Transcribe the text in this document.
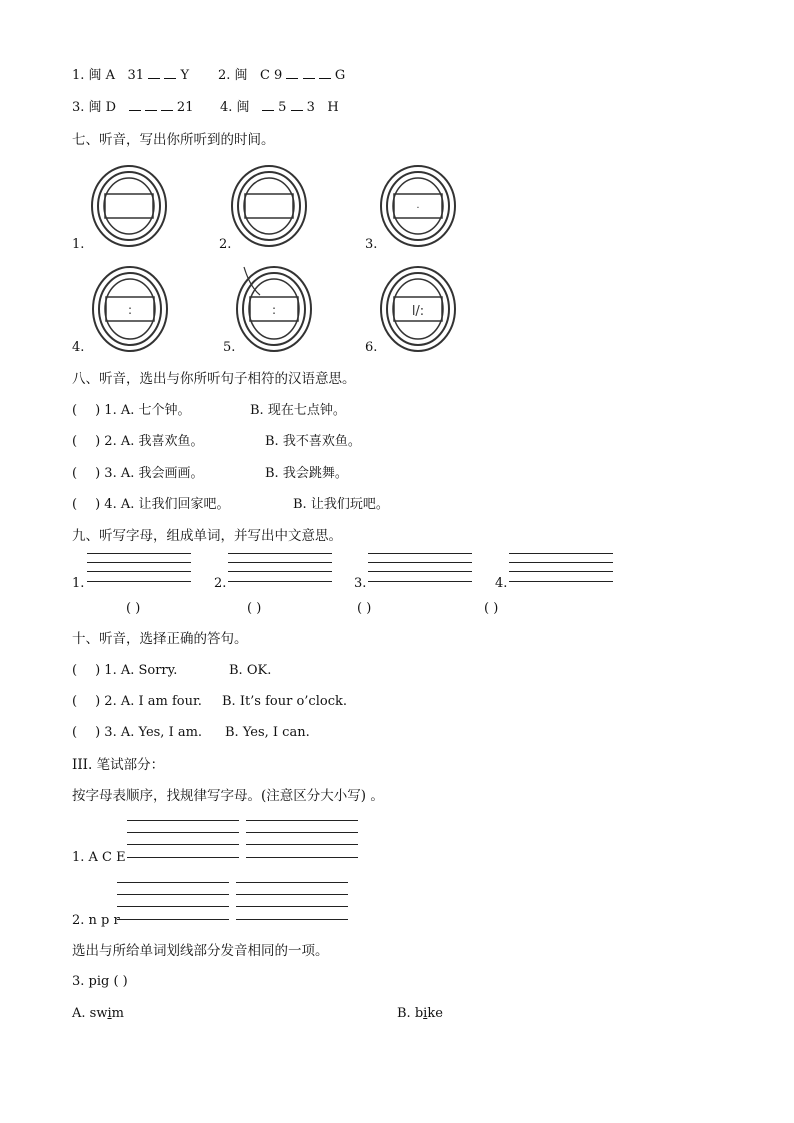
1. 闽 A 31	Y 2. 闽 C 9	G
3. 闽 D	21 4. 闽 5 3 H
七、听音，写出你所听到的时间。
1.	2.	3.
4.	5.	6.
·
:	:	l/:
八、听音，选出与你所听句子相符的汉语意思。
( ) 1. A. 七个钟。	B. 现在七点钟。
( ) 2. A. 我喜欢鱼。	B. 我不喜欢鱼。
( ) 3. A. 我会画画。	B. 我会跳舞。
( ) 4. A. 让我们回家吧。	B. 让我们玩吧。
九、听写字母，组成单词，并写出中文意思。
1.	2.	3.	4.
( )	( )	( )	( )
十、听音，选择正确的答句。
( ) 1. A. Sorry.	B. OK.
( ) 2. A. I am four. B. It’s four o’clock.
( ) 3. A. Yes, I am. B. Yes, I can.
III. 笔试部分：
按字母表顺序，找规律写字母。(注意区分大小写) 。
1. A C E
2. n p r
选出与所给单词划线部分发音相同的一项。
3. pig ( )
A. swim	B. bike
